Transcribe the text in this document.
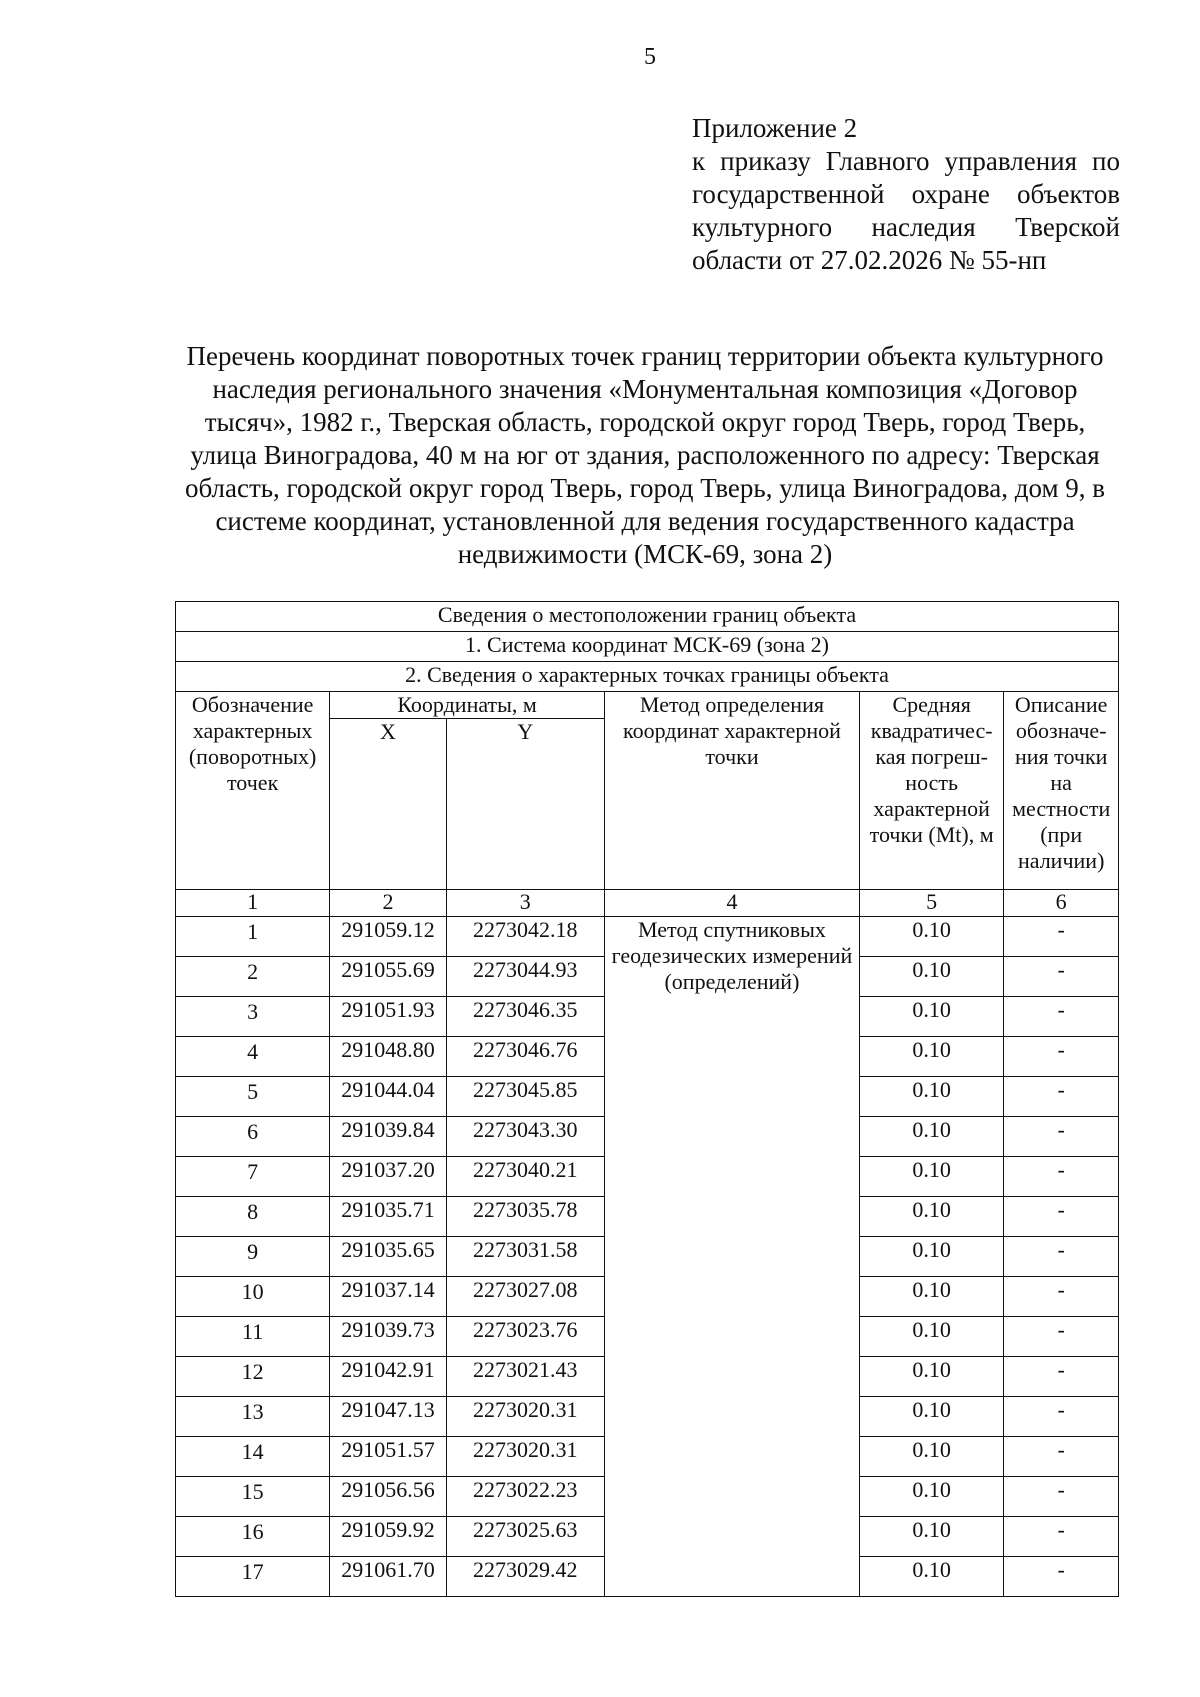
5
Приложение 2
к приказу Главного управления по государственной охране объектов культурного наследия Тверской области от 27.02.2026 № 55-нп
Перечень координат поворотных точек границ территории объекта культурного наследия регионального значения «Монументальная композиция «Договор тысяч», 1982 г., Тверская область, городской округ город Тверь, город Тверь, улица Виноградова, 40 м на юг от здания, расположенного по адресу: Тверская область, городской округ город Тверь, город Тверь, улица Виноградова, дом 9, в системе координат, установленной для ведения государственного кадастра недвижимости (МСК-69, зона 2)
Сведения о местоположении границ объекта					
1. Система координат МСК-69 (зона 2)					
2. Сведения о характерных точках границы объекта					
Обозначение характерных (поворотных) точек	Координаты, м		Метод определения координат характерной точки	Средняя квадратичес-кая погреш-ность характерной точки (Mt), м	Описание обозначе-ния точки на местности (при наличии)
	X	Y			
1	2	3	4	5	6
1	291059.12	2273042.18	Метод спутниковых геодезических измерений (определений)	0.10	-
2	291055.69	2273044.93		0.10	-
3	291051.93	2273046.35		0.10	-
4	291048.80	2273046.76		0.10	-
5	291044.04	2273045.85		0.10	-
6	291039.84	2273043.30		0.10	-
7	291037.20	2273040.21		0.10	-
8	291035.71	2273035.78		0.10	-
9	291035.65	2273031.58		0.10	-
10	291037.14	2273027.08		0.10	-
11	291039.73	2273023.76		0.10	-
12	291042.91	2273021.43		0.10	-
13	291047.13	2273020.31		0.10	-
14	291051.57	2273020.31		0.10	-
15	291056.56	2273022.23		0.10	-
16	291059.92	2273025.63		0.10	-
17	291061.70	2273029.42		0.10	-
